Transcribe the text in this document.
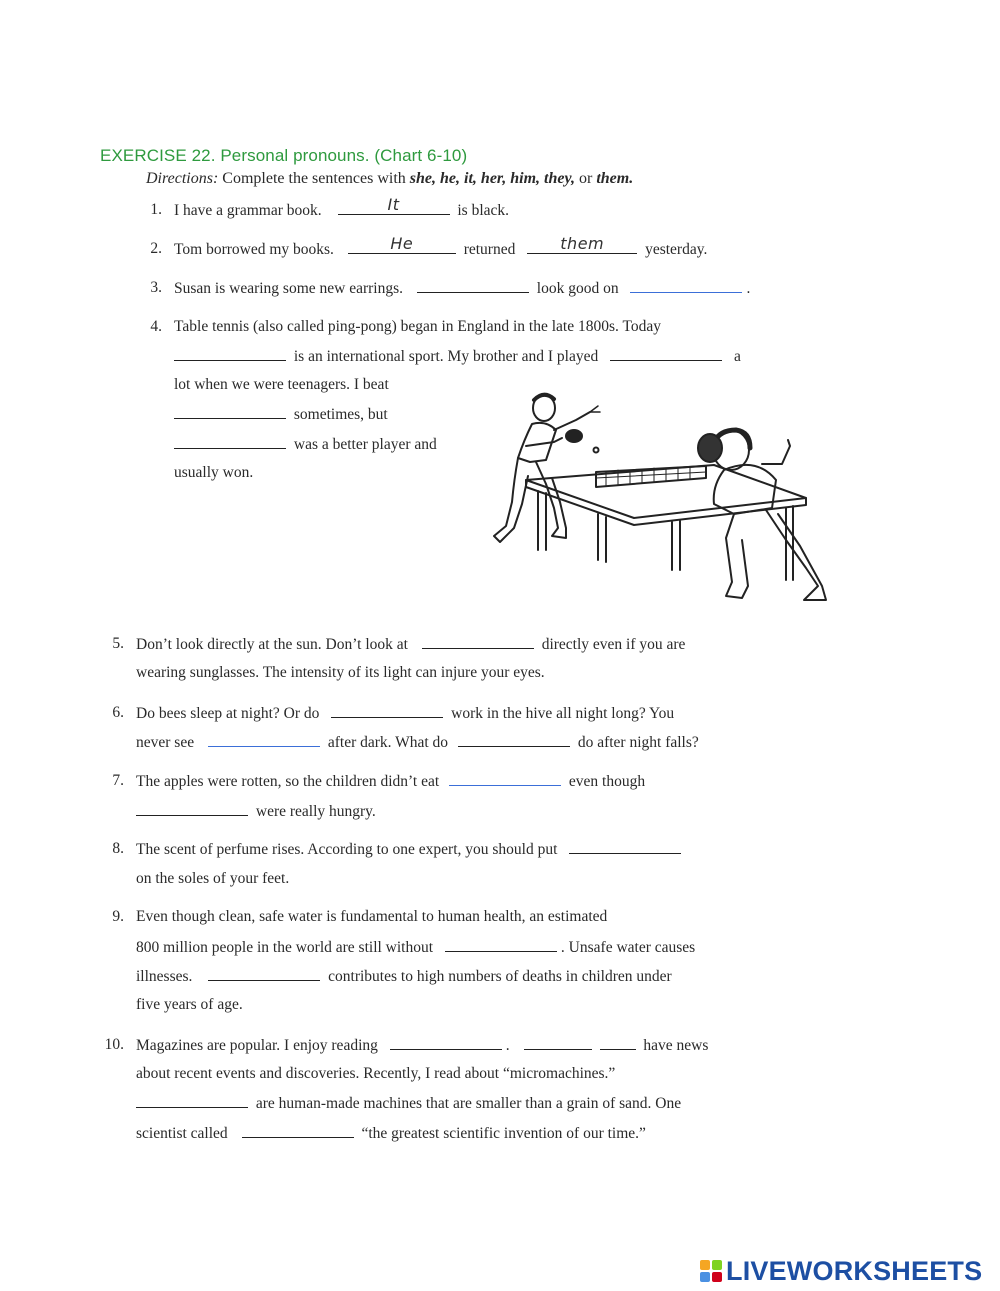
EXERCISE 22. Personal pronouns. (Chart 6-10)
Directions: Complete the sentences with she, he, it, her, him, they, or them.
1. I have a grammar book.	It	is black.
2. Tom borrowed my books.	He	returned	them	yesterday.
3. Susan is wearing some new earrings.	look good on	.
4. Table tennis (also called ping-pong) began in England in the late 1800s. Today
is an international sport. My brother and I played	a
lot when we were teenagers. I beat
sometimes, but
was a better player and
usually won.
5. Don’t look directly at the sun. Don’t look at	directly even if you are
wearing sunglasses. The intensity of its light can injure your eyes.
6. Do bees sleep at night? Or do	work in the hive all night long? You
never see	after dark. What do	do after night falls?
7. The apples were rotten, so the children didn’t eat	even though
were really hungry.
8. The scent of perfume rises. According to one expert, you should put
on the soles of your feet.
9. Even though clean, safe water is fundamental to human health, an estimated
800 million people in the world are still without	. Unsafe water causes
illnesses.	contributes to high numbers of deaths in children under
five years of age.
10. Magazines are popular. I enjoy reading	.	have news
about recent events and discoveries. Recently, I read about “micromachines.”
are human-made machines that are smaller than a grain of sand. One
scientist called	“the greatest scientific invention of our time.”
LIVEWORKSHEETS
